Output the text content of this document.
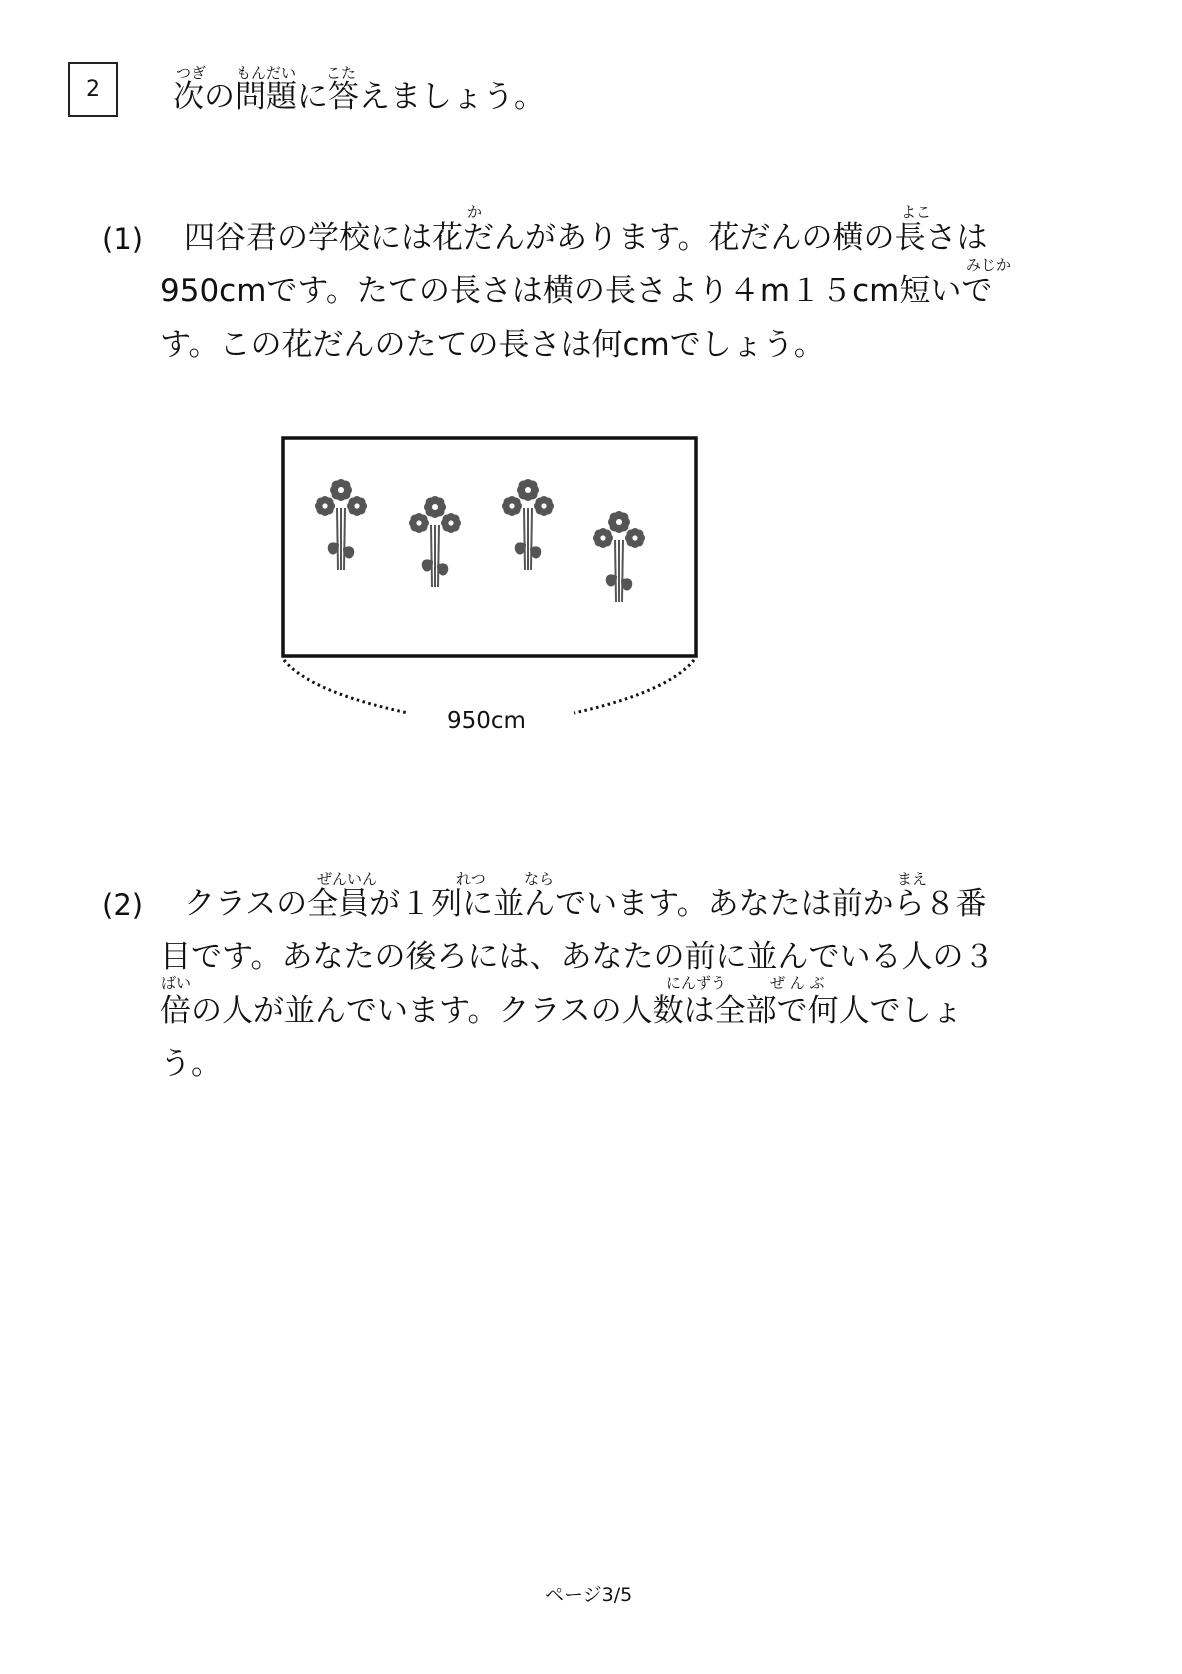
2
つぎ もんだい こた
次の問題に答えましょう。
か	よこ
(1) 四谷君の学校には花だんがあります。花だんの横の長さは
みじか
950cmです。たての長さは横の長さより４m１５cm短いで
す。この花だんのたての長さは何cmでしょう。
950cm
ぜんいん	れつ	なら	まえ
(2) クラスの全員が１列に並んでいます。あなたは前から８番
目です。あなたの後ろには、あなたの前に並んでいる人の３
ばい	にんずう	ぜ ん ぶ
倍の人が並んでいます。クラスの人数は全部で何人でしょ
う。
ページ3/5
